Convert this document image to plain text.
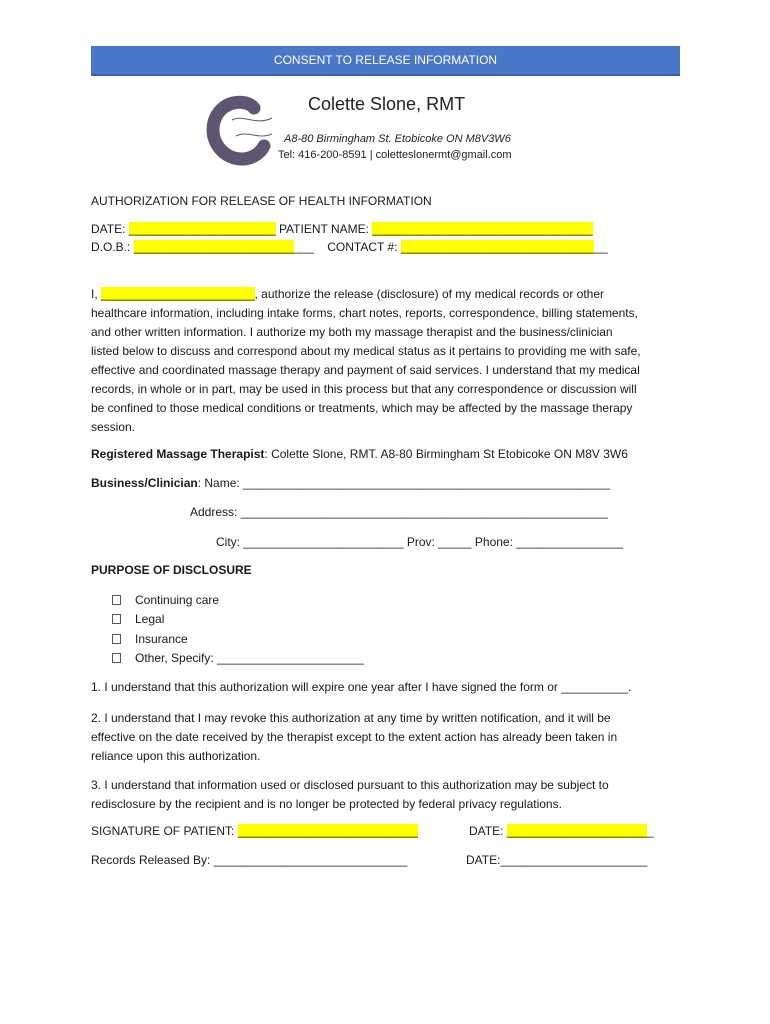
CONSENT TO RELEASE INFORMATION
Colette Slone, RMT
A8-80 Birmingham St. Etobicoke ON M8V3W6
Tel: 416-200-8591 | coletteslonermt@gmail.com
AUTHORIZATION FOR RELEASE OF HEALTH INFORMATION
DATE: ______________________ PATIENT NAME: _________________________________
D.O.B.: ___________________________ CONTACT #: _______________________________
I, _______________________, authorize the release (disclosure) of my medical records or other
healthcare information, including intake forms, chart notes, reports, correspondence, billing statements,
and other written information. I authorize my both my massage therapist and the business/clinician
listed below to discuss and correspond about my medical status as it pertains to providing me with safe,
effective and coordinated massage therapy and payment of said services. I understand that my medical
records, in whole or in part, may be used in this process but that any correspondence or discussion will
be confined to those medical conditions or treatments, which may be affected by the massage therapy
session.
Registered Massage Therapist: Colette Slone, RMT. A8-80 Birmingham St Etobicoke ON M8V 3W6
Business/Clinician: Name: _______________________________________________________
Address: _______________________________________________________
City: ________________________ Prov: _____ Phone: ________________
PURPOSE OF DISCLOSURE
Continuing care
Legal
Insurance
Other, Specify: ______________________
1. I understand that this authorization will expire one year after I have signed the form or __________.
2. I understand that I may revoke this authorization at any time by written notification, and it will be
effective on the date received by the therapist except to the extent action has already been taken in
reliance upon this authorization.
3. I understand that information used or disclosed pursuant to this authorization may be subject to
redisclosure by the recipient and is no longer be protected by federal privacy regulations.
SIGNATURE OF PATIENT: ___________________________	DATE: ______________________
Records Released By: _____________________________	DATE:______________________
